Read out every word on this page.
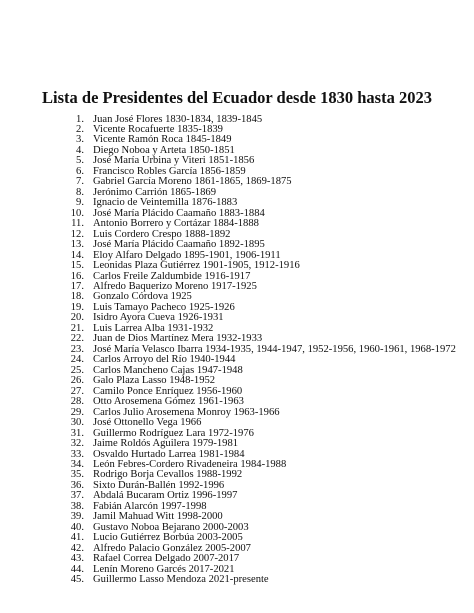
Lista de Presidentes del Ecuador desde 1830 hasta 2023
1. Juan José Flores 1830-1834, 1839-1845
2. Vicente Rocafuerte 1835-1839
3. Vicente Ramón Roca 1845-1849
4. Diego Noboa y Arteta 1850-1851
5. José María Urbina y Viteri 1851-1856
6. Francisco Robles García 1856-1859
7. Gabriel García Moreno 1861-1865, 1869-1875
8. Jerónimo Carrión 1865-1869
9. Ignacio de Veintemilla 1876-1883
10. José María Plácido Caamaño 1883-1884
11. Antonio Borrero y Cortázar 1884-1888
12. Luis Cordero Crespo 1888-1892
13. José María Plácido Caamaño 1892-1895
14. Eloy Alfaro Delgado 1895-1901, 1906-1911
15. Leonidas Plaza Gutiérrez 1901-1905, 1912-1916
16. Carlos Freile Zaldumbide 1916-1917
17. Alfredo Baquerizo Moreno 1917-1925
18. Gonzalo Córdova 1925
19. Luis Tamayo Pacheco 1925-1926
20. Isidro Ayora Cueva 1926-1931
21. Luis Larrea Alba 1931-1932
22. Juan de Dios Martínez Mera 1932-1933
23. José María Velasco Ibarra 1934-1935, 1944-1947, 1952-1956, 1960-1961, 1968-1972
24. Carlos Arroyo del Río 1940-1944
25. Carlos Mancheno Cajas 1947-1948
26. Galo Plaza Lasso 1948-1952
27. Camilo Ponce Enríquez 1956-1960
28. Otto Arosemena Gómez 1961-1963
29. Carlos Julio Arosemena Monroy 1963-1966
30. José Ottonello Vega 1966
31. Guillermo Rodríguez Lara 1972-1976
32. Jaime Roldós Aguilera 1979-1981
33. Osvaldo Hurtado Larrea 1981-1984
34. León Febres-Cordero Rivadeneira 1984-1988
35. Rodrigo Borja Cevallos 1988-1992
36. Sixto Durán-Ballén 1992-1996
37. Abdalá Bucaram Ortiz 1996-1997
38. Fabián Alarcón 1997-1998
39. Jamil Mahuad Witt 1998-2000
40. Gustavo Noboa Bejarano 2000-2003
41. Lucio Gutiérrez Borbúa 2003-2005
42. Alfredo Palacio González 2005-2007
43. Rafael Correa Delgado 2007-2017
44. Lenín Moreno Garcés 2017-2021
45. Guillermo Lasso Mendoza 2021-presente
